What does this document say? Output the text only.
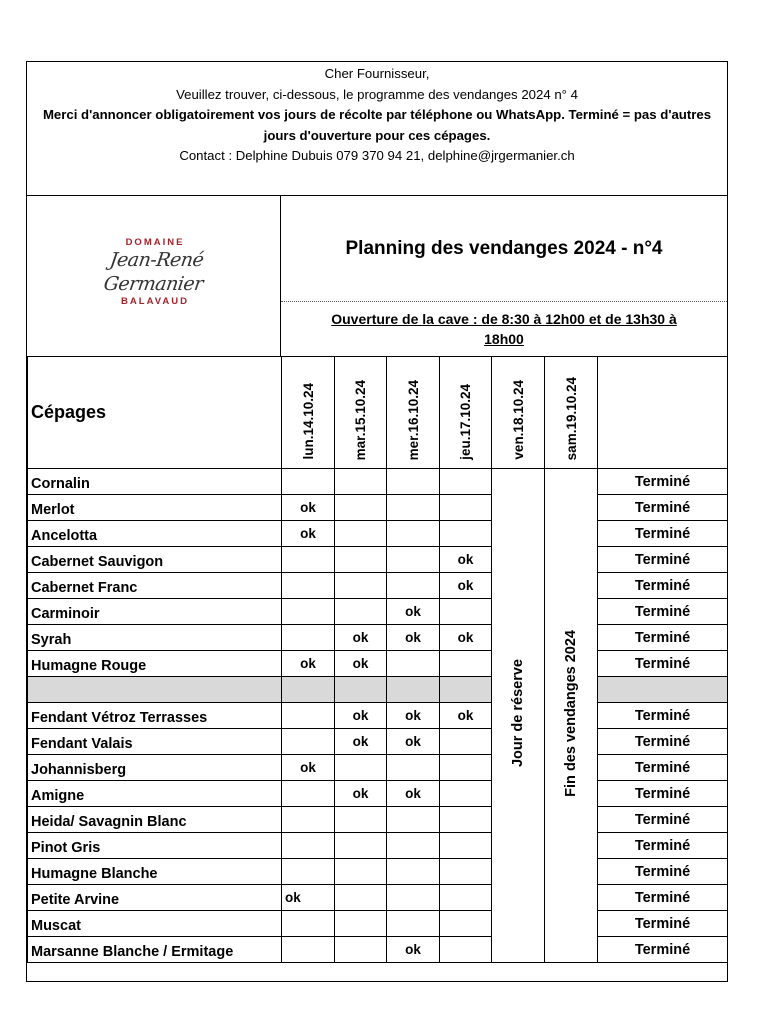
Cher Fournisseur,
Veuillez trouver, ci-dessous, le programme des vendanges 2024 n° 4
Merci d'annoncer obligatoirement vos jours de récolte par téléphone ou WhatsApp. Terminé = pas d'autres
jours d'ouverture pour ces cépages.
Contact : Delphine Dubuis 079 370 94 21, delphine@jrgermanier.ch
DOMAINE
Jean-René Germanier
BALAVAUD
Planning des vendanges 2024 - n°4
Ouverture de la cave : de 8:30 à 12h00 et de 13h30 à
18h00
Cépages	lun.14.10.24	mar.15.10.24	mer.16.10.24	jeu.17.10.24	ven.18.10.24	sam.19.10.24	
Cornalin					Jour de réserve	Fin des vendanges 2024	Terminé
Merlot	ok						Terminé
Ancelotta	ok						Terminé
Cabernet Sauvigon				ok			Terminé
Cabernet Franc				ok			Terminé
Carminoir			ok				Terminé
Syrah		ok	ok	ok			Terminé
Humagne Rouge	ok	ok					Terminé

Fendant Vétroz Terrasses		ok	ok	ok			Terminé
Fendant Valais		ok	ok				Terminé
Johannisberg	ok						Terminé
Amigne		ok	ok				Terminé
Heida/ Savagnin Blanc							Terminé
Pinot Gris							Terminé
Humagne Blanche							Terminé
Petite Arvine	ok						Terminé
Muscat							Terminé
Marsanne Blanche / Ermitage			ok				Terminé
